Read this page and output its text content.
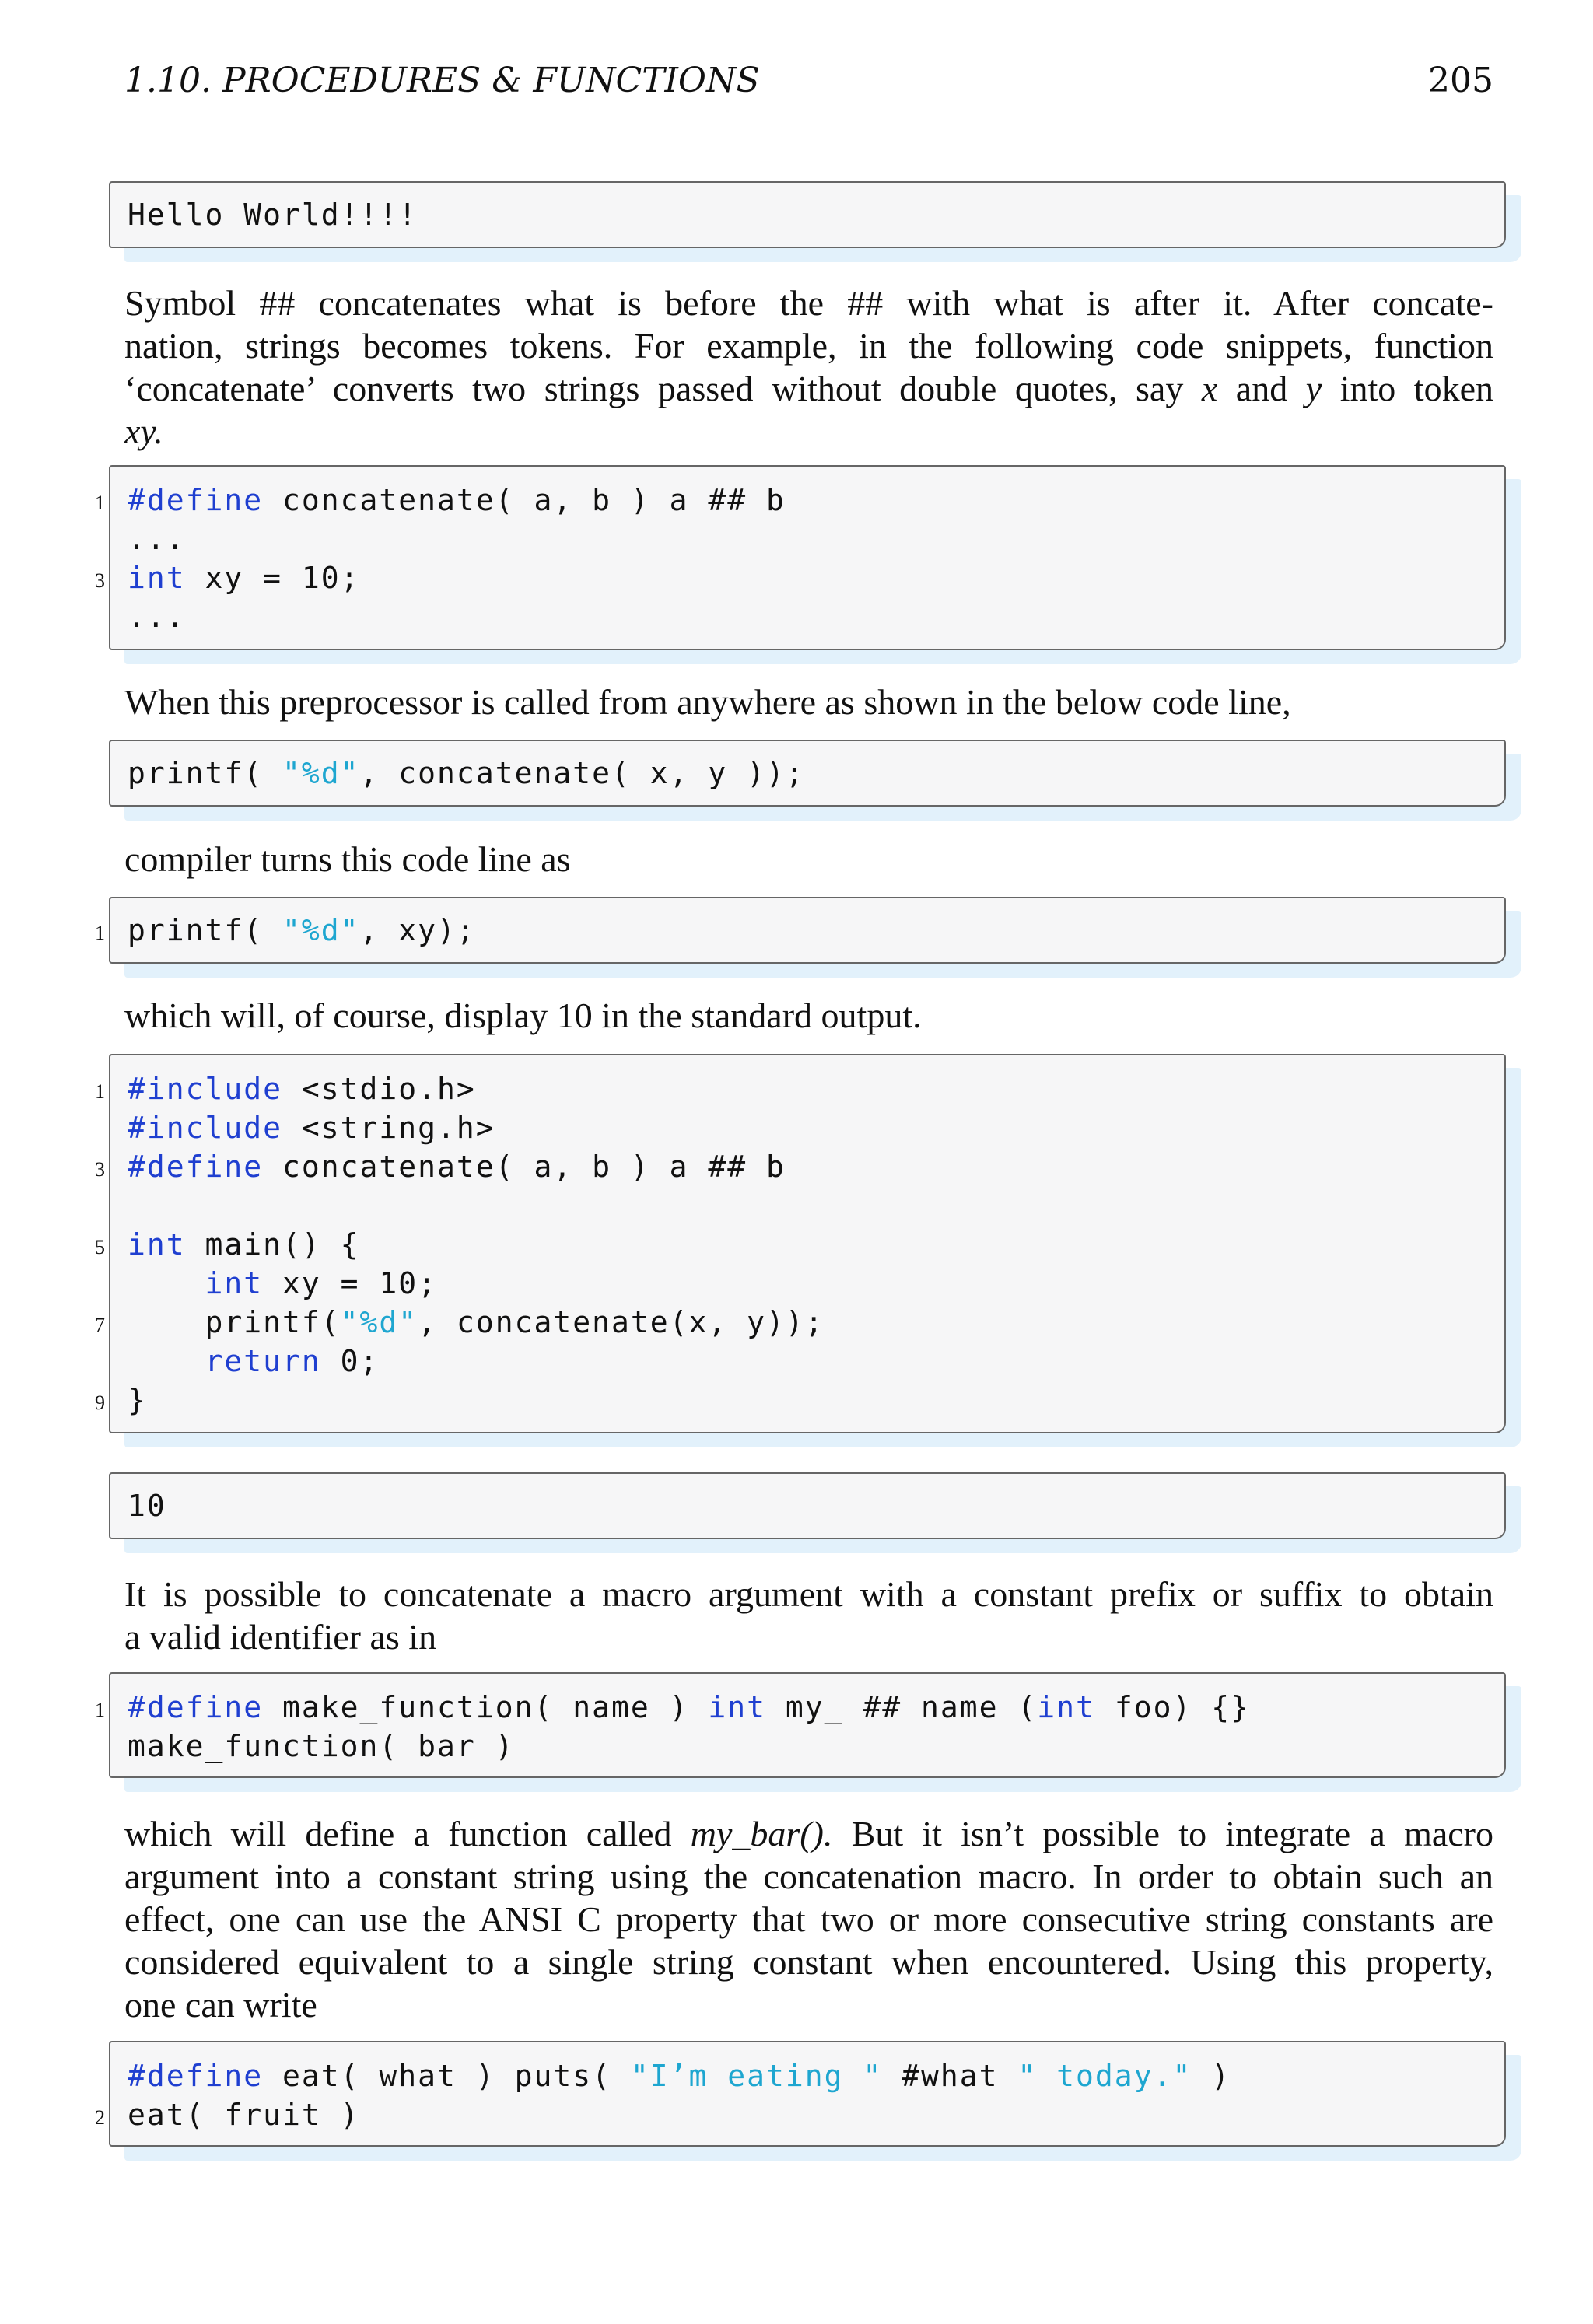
1.10. PROCEDURES & FUNCTIONS	205
Hello World!!!!
Symbol ## concatenates what is before the ## with what is after it. After concate-
nation, strings becomes tokens. For example, in the following code snippets, function
‘concatenate’ converts two strings passed without double quotes, say x and y into token
xy.
1 #define concatenate( a, b ) a ## b
...
3 int xy = 10;
...
When this preprocessor is called from anywhere as shown in the below code line,
printf( "%d", concatenate( x, y ));
compiler turns this code line as
1 printf( "%d", xy);
which will, of course, display 10 in the standard output.
1 #include <stdio.h>
#include <string.h>
3 #define concatenate( a, b ) a ## b
5 int main() {
int xy = 10;
7 printf("%d", concatenate(x, y));
return 0;
9 }
10
It is possible to concatenate a macro argument with a constant prefix or suffix to obtain
a valid identifier as in
1 #define make_function( name ) int my_ ## name (int foo) {}
make_function( bar )
which will define a function called my_bar(). But it isn’t possible to integrate a macro
argument into a constant string using the concatenation macro. In order to obtain such an
effect, one can use the ANSI C property that two or more consecutive string constants are
considered equivalent to a single string constant when encountered. Using this property,
one can write
#define eat( what ) puts( "I’m eating " #what " today." )
2 eat( fruit )
